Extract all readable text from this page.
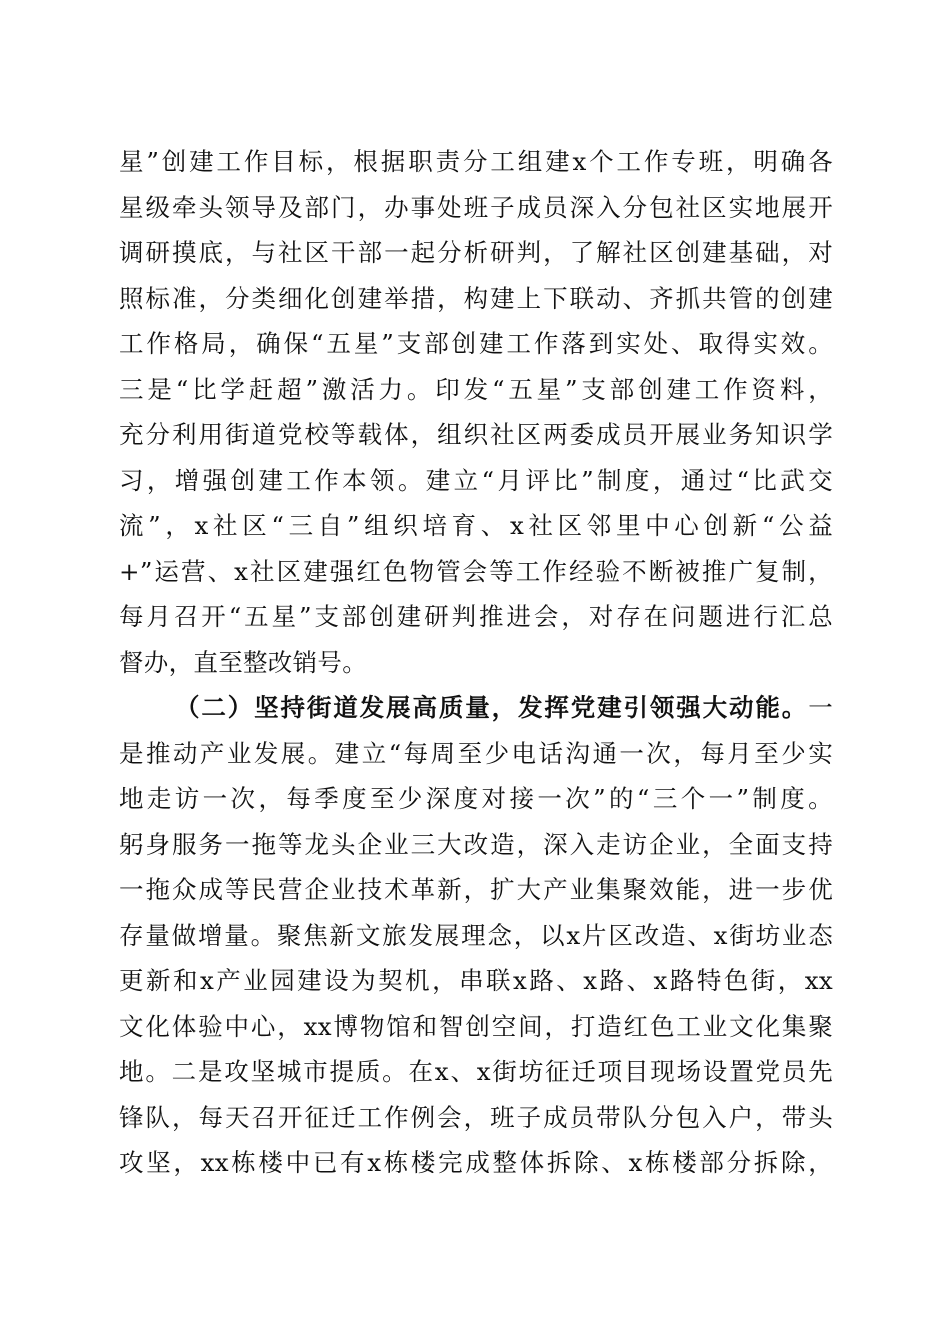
星”创建工作目标，根据职责分工组建x个工作专班，明确各
星级牵头领导及部门，办事处班子成员深入分包社区实地展开
调研摸底，与社区干部一起分析研判，了解社区创建基础，对
照标准，分类细化创建举措，构建上下联动、齐抓共管的创建
工作格局，确保“五星”支部创建工作落到实处、取得实效。
三是“比学赶超”激活力。印发“五星”支部创建工作资料，
充分利用街道党校等载体，组织社区两委成员开展业务知识学
习，增强创建工作本领。建立“月评比”制度，通过“比武交
流”，x社区“三自”组织培育、x社区邻里中心创新“公益
+”运营、x社区建强红色物管会等工作经验不断被推广复制，
每月召开“五星”支部创建研判推进会，对存在问题进行汇总
督办，直至整改销号。
（二）坚持街道发展高质量，发挥党建引领强大动能。一
是推动产业发展。建立“每周至少电话沟通一次，每月至少实
地走访一次，每季度至少深度对接一次”的“三个一”制度。
躬身服务一拖等龙头企业三大改造，深入走访企业，全面支持
一拖众成等民营企业技术革新，扩大产业集聚效能，进一步优
存量做增量。聚焦新文旅发展理念，以x片区改造、x街坊业态
更新和x产业园建设为契机，串联x路、x路、x路特色街，xx
文化体验中心，xx博物馆和智创空间，打造红色工业文化集聚
地。二是攻坚城市提质。在x、x街坊征迁项目现场设置党员先
锋队，每天召开征迁工作例会，班子成员带队分包入户，带头
攻坚，xx栋楼中已有x栋楼完成整体拆除、x栋楼部分拆除，
